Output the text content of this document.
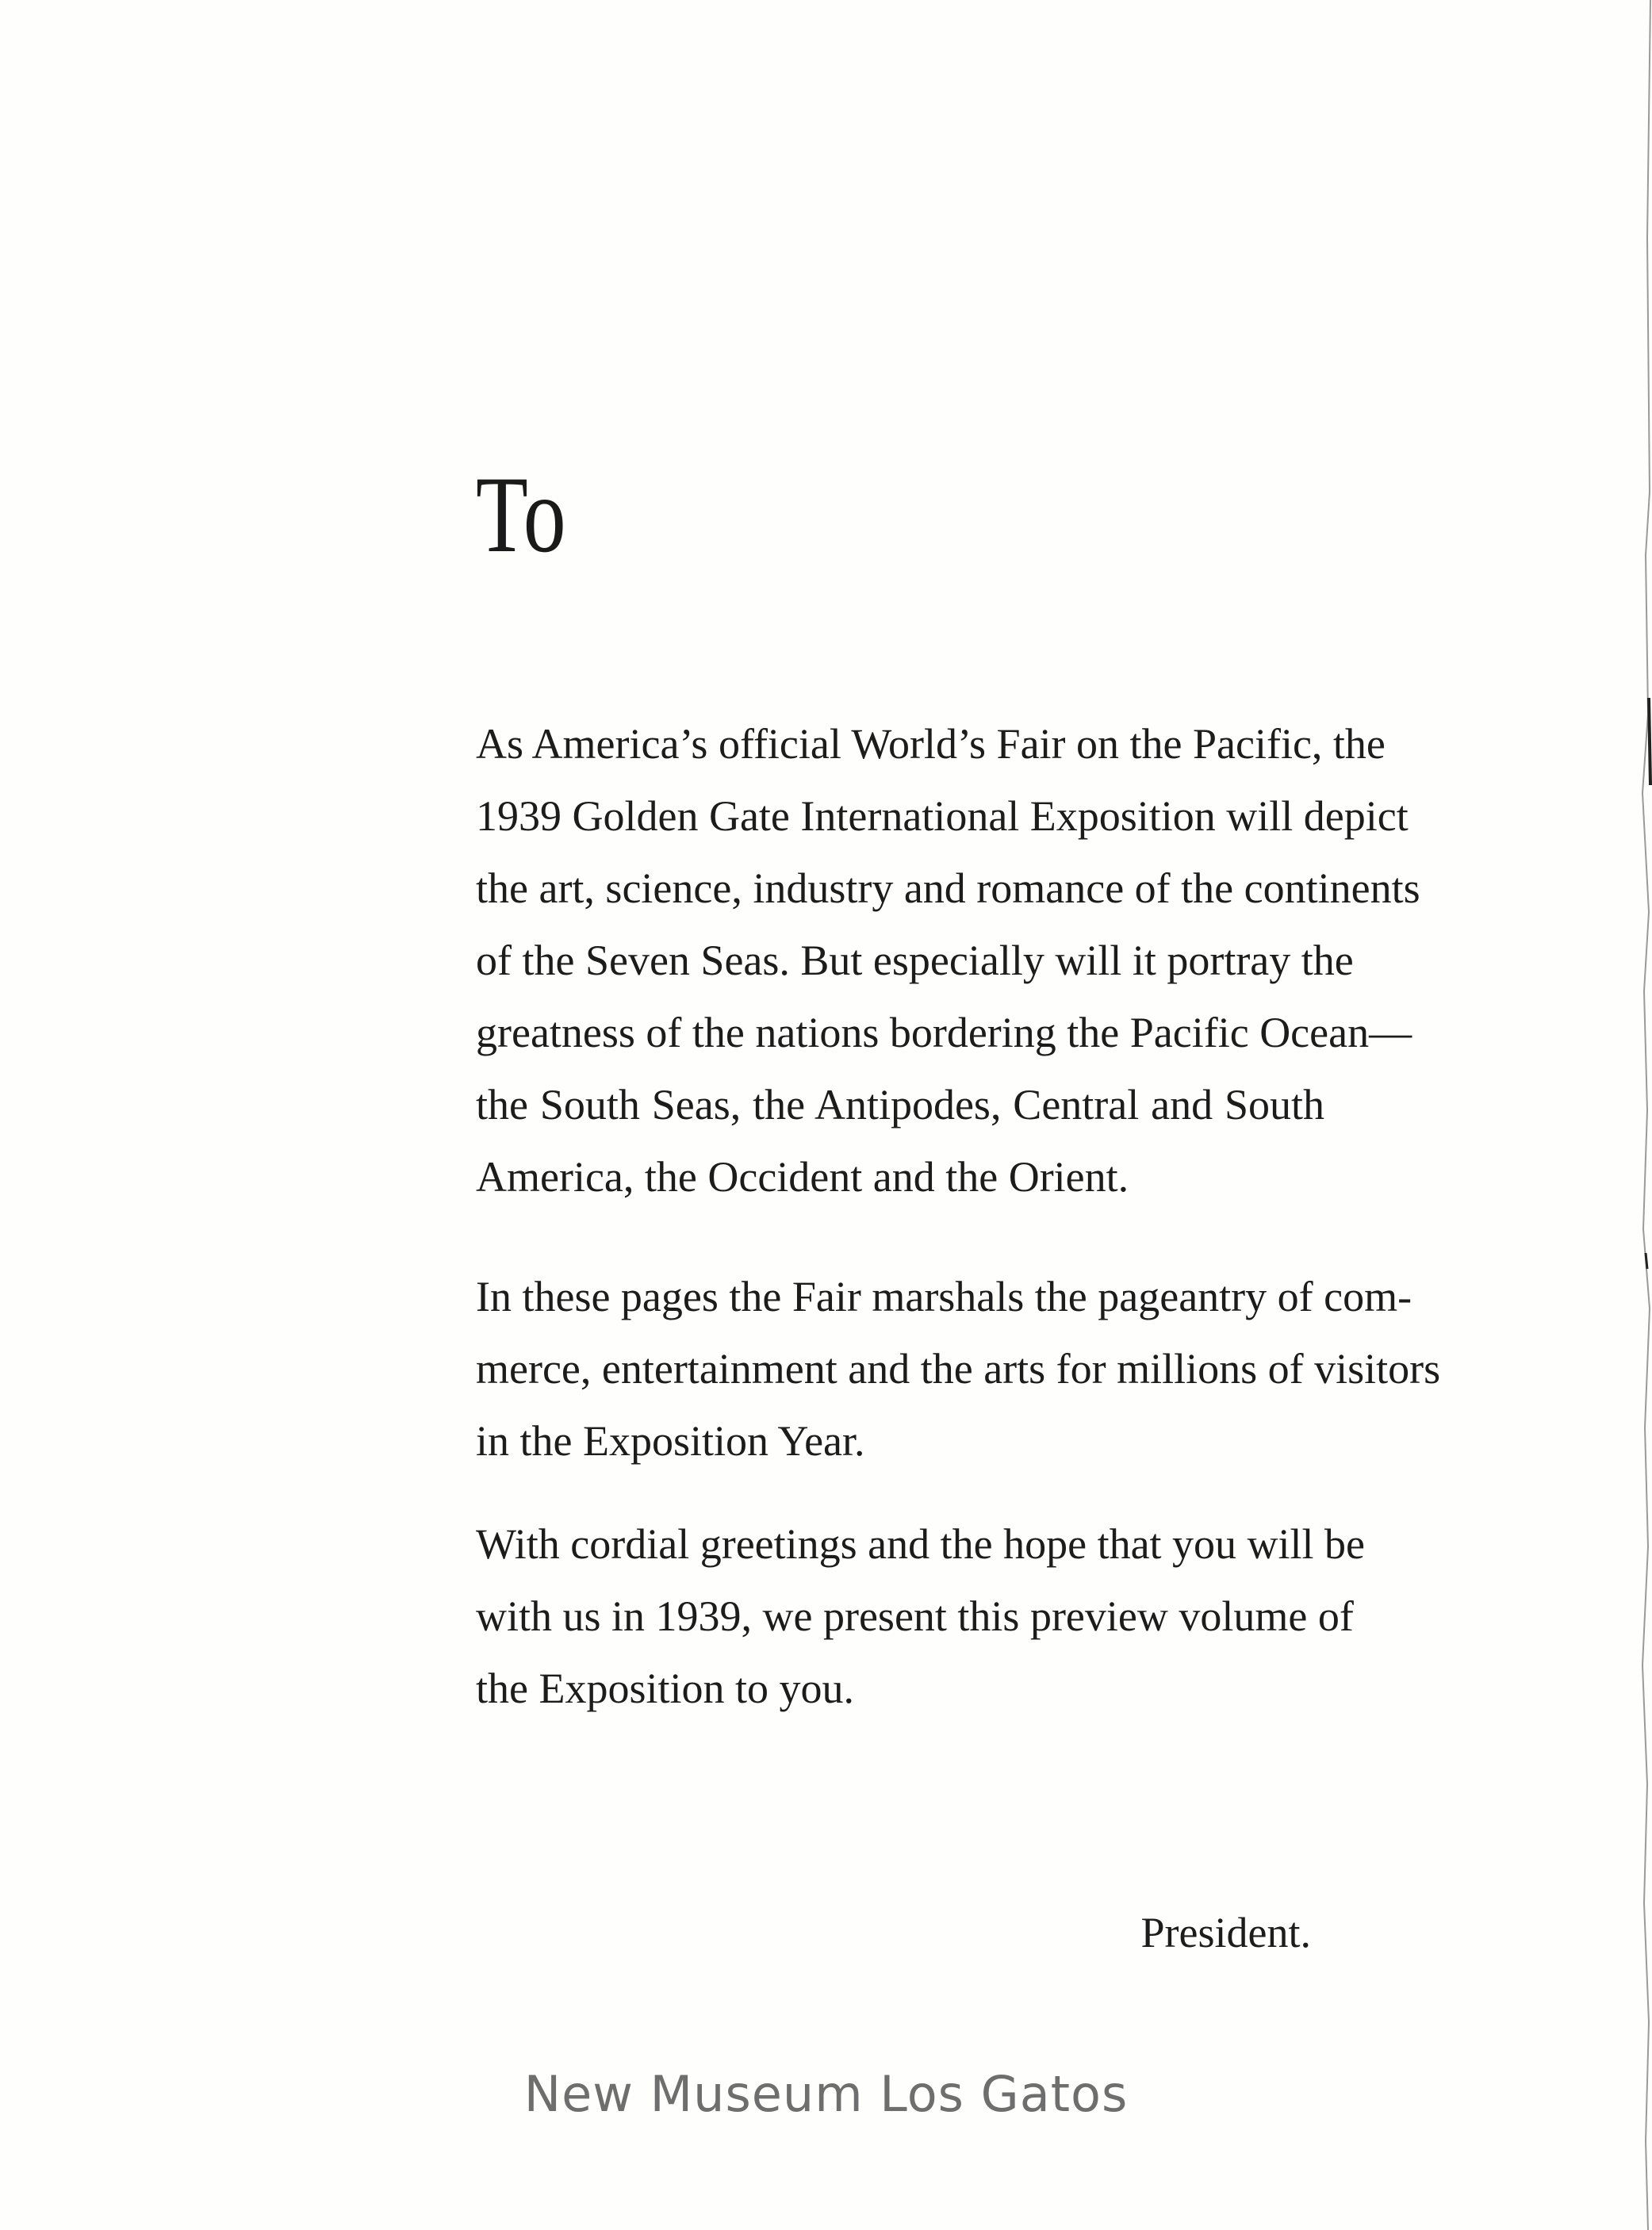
To
As America’s official World’s Fair on the Pacific, the
1939 Golden Gate International Exposition will depict
the art, science, industry and romance of the continents
of the Seven Seas. But especially will it portray the
greatness of the nations bordering the Pacific Ocean—
the South Seas, the Antipodes, Central and South
America, the Occident and the Orient.
In these pages the Fair marshals the pageantry of com-
merce, entertainment and the arts for millions of visitors
in the Exposition Year.
With cordial greetings and the hope that you will be
with us in 1939, we present this preview volume of
the Exposition to you.
President.
New Museum Los Gatos
